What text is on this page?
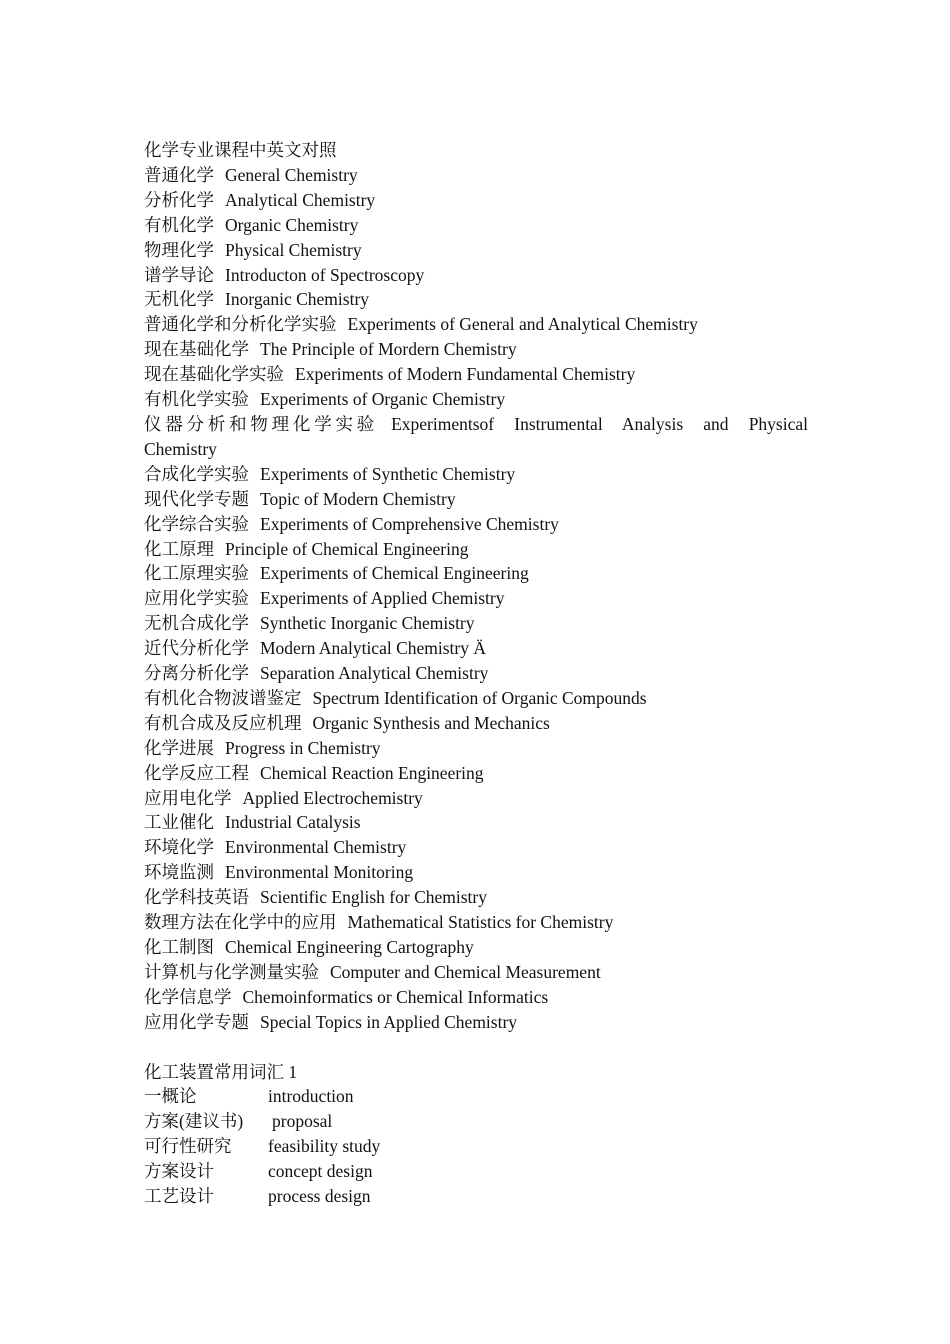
化学专业课程中英文对照
普通化学 General Chemistry
分析化学 Analytical Chemistry
有机化学 Organic Chemistry
物理化学 Physical Chemistry
谱学导论 Introducton of Spectroscopy
无机化学 Inorganic Chemistry
普通化学和分析化学实验 Experiments of General and Analytical Chemistry
现在基础化学 The Principle of Mordern Chemistry
现在基础化学实验 Experiments of Modern Fundamental Chemistry
有机化学实验 Experiments of Organic Chemistry
仪器分析和物理化学实验 Experimentsof Instrumental Analysis and Physical Chemistry
合成化学实验 Experiments of Synthetic Chemistry
现代化学专题 Topic of Modern Chemistry
化学综合实验 Experiments of Comprehensive Chemistry
化工原理 Principle of Chemical Engineering
化工原理实验 Experiments of Chemical Engineering
应用化学实验 Experiments of Applied Chemistry
无机合成化学 Synthetic Inorganic Chemistry
近代分析化学 Modern Analytical Chemistry Ä
分离分析化学 Separation Analytical Chemistry
有机化合物波谱鉴定 Spectrum Identification of Organic Compounds
有机合成及反应机理 Organic Synthesis and Mechanics
化学进展 Progress in Chemistry
化学反应工程 Chemical Reaction Engineering
应用电化学 Applied Electrochemistry
工业催化 Industrial Catalysis
环境化学 Environmental Chemistry
环境监测 Environmental Monitoring
化学科技英语 Scientific English for Chemistry
数理方法在化学中的应用 Mathematical Statistics for Chemistry
化工制图 Chemical Engineering Cartography
计算机与化学测量实验 Computer and Chemical Measurement
化学信息学 Chemoinformatics or Chemical Informatics
应用化学专题 Special Topics in Applied Chemistry
化工装置常用词汇 1
一概论	introduction
方案(建议书) proposal
可行性研究 feasibility study
方案设计	concept design
工艺设计	process design
